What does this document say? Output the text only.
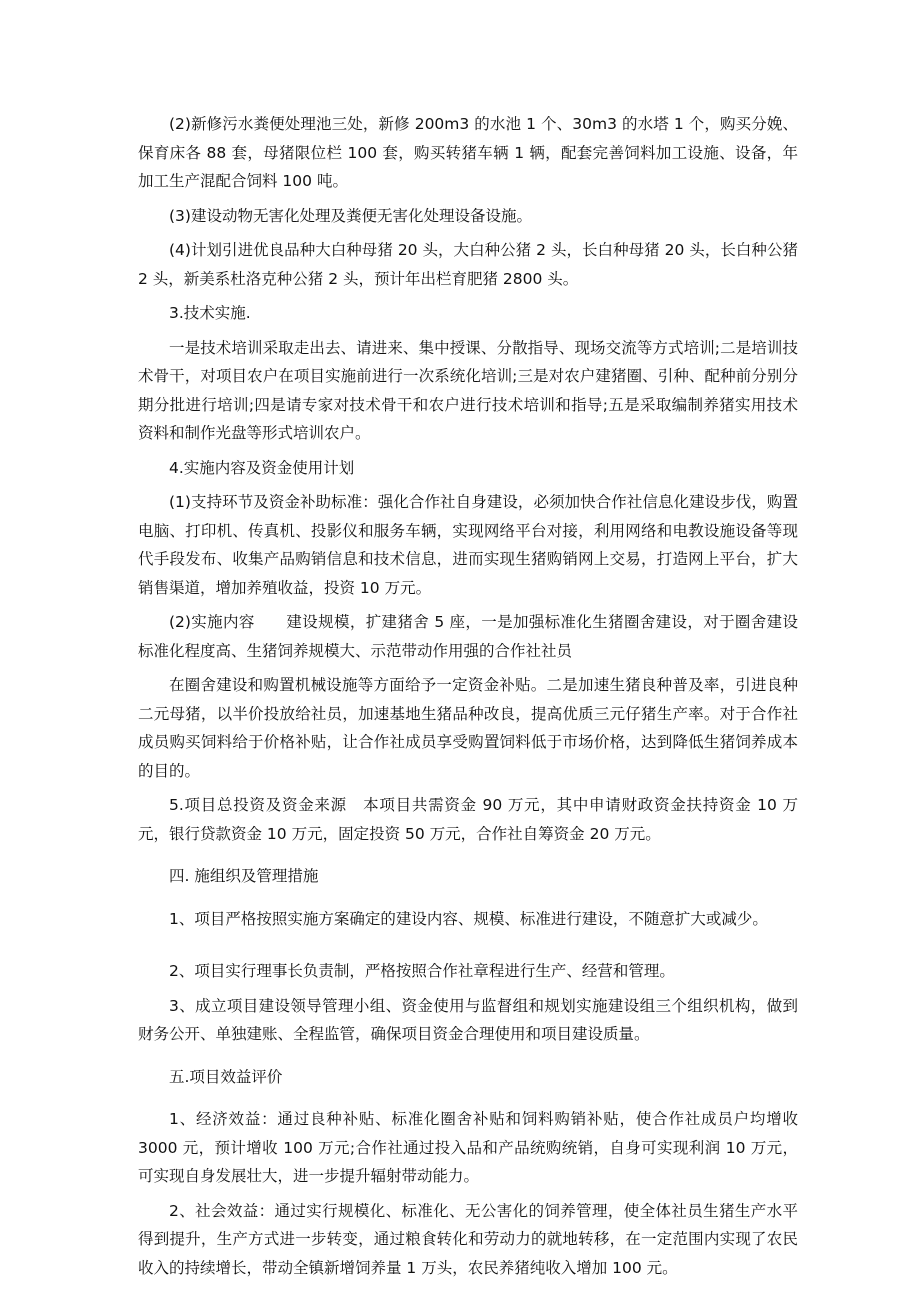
(2)新修污水粪便处理池三处，新修 200m3 的水池 1 个、30m3 的水塔 1 个，购买分娩、保育床各 88 套，母猪限位栏 100 套，购买转猪车辆 1 辆，配套完善饲料加工设施、设备，年加工生产混配合饲料 100 吨。

(3)建设动物无害化处理及粪便无害化处理设备设施。

(4)计划引进优良品种大白种母猪 20 头，大白种公猪 2 头，长白种母猪 20 头，长白种公猪 2 头，新美系杜洛克种公猪 2 头，预计年出栏育肥猪 2800 头。

3.技术实施.

一是技术培训采取走出去、请进来、集中授课、分散指导、现场交流等方式培训;二是培训技术骨干，对项目农户在项目实施前进行一次系统化培训;三是对农户建猪圈、引种、配种前分别分期分批进行培训;四是请专家对技术骨干和农户进行技术培训和指导;五是采取编制养猪实用技术资料和制作光盘等形式培训农户。

4.实施内容及资金使用计划

(1)支持环节及资金补助标准：强化合作社自身建设，必须加快合作社信息化建设步伐，购置电脑、打印机、传真机、投影仪和服务车辆，实现网络平台对接，利用网络和电教设施设备等现代手段发布、收集产品购销信息和技术信息，进而实现生猪购销网上交易，打造网上平台，扩大销售渠道，增加养殖收益，投资 10 万元。

(2)实施内容　　建设规模，扩建猪舍 5 座，一是加强标准化生猪圈舍建设，对于圈舍建设标准化程度高、生猪饲养规模大、示范带动作用强的合作社社员

在圈舍建设和购置机械设施等方面给予一定资金补贴。二是加速生猪良种普及率，引进良种二元母猪，以半价投放给社员，加速基地生猪品种改良，提高优质三元仔猪生产率。对于合作社成员购买饲料给于价格补贴，让合作社成员享受购置饲料低于市场价格，达到降低生猪饲养成本的目的。

5.项目总投资及资金来源　本项目共需资金 90 万元，其中申请财政资金扶持资金 10 万元，银行贷款资金 10 万元，固定投资 50 万元，合作社自筹资金 20 万元。

四. 施组织及管理措施

1、项目严格按照实施方案确定的建设内容、规模、标准进行建设，不随意扩大或减少。

2、项目实行理事长负责制，严格按照合作社章程进行生产、经营和管理。

3、成立项目建设领导管理小组、资金使用与监督组和规划实施建设组三个组织机构，做到财务公开、单独建账、全程监管，确保项目资金合理使用和项目建设质量。

五.项目效益评价

1、经济效益：通过良种补贴、标准化圈舍补贴和饲料购销补贴，使合作社成员户均增收 3000 元，预计增收 100 万元;合作社通过投入品和产品统购统销，自身可实现利润 10 万元，可实现自身发展壮大，进一步提升辐射带动能力。

2、社会效益：通过实行规模化、标准化、无公害化的饲养管理，使全体社员生猪生产水平得到提升，生产方式进一步转变，通过粮食转化和劳动力的就地转移，在一定范围内实现了农民收入的持续增长，带动全镇新增饲养量 1 万头，农民养猪纯收入增加 100 元。
